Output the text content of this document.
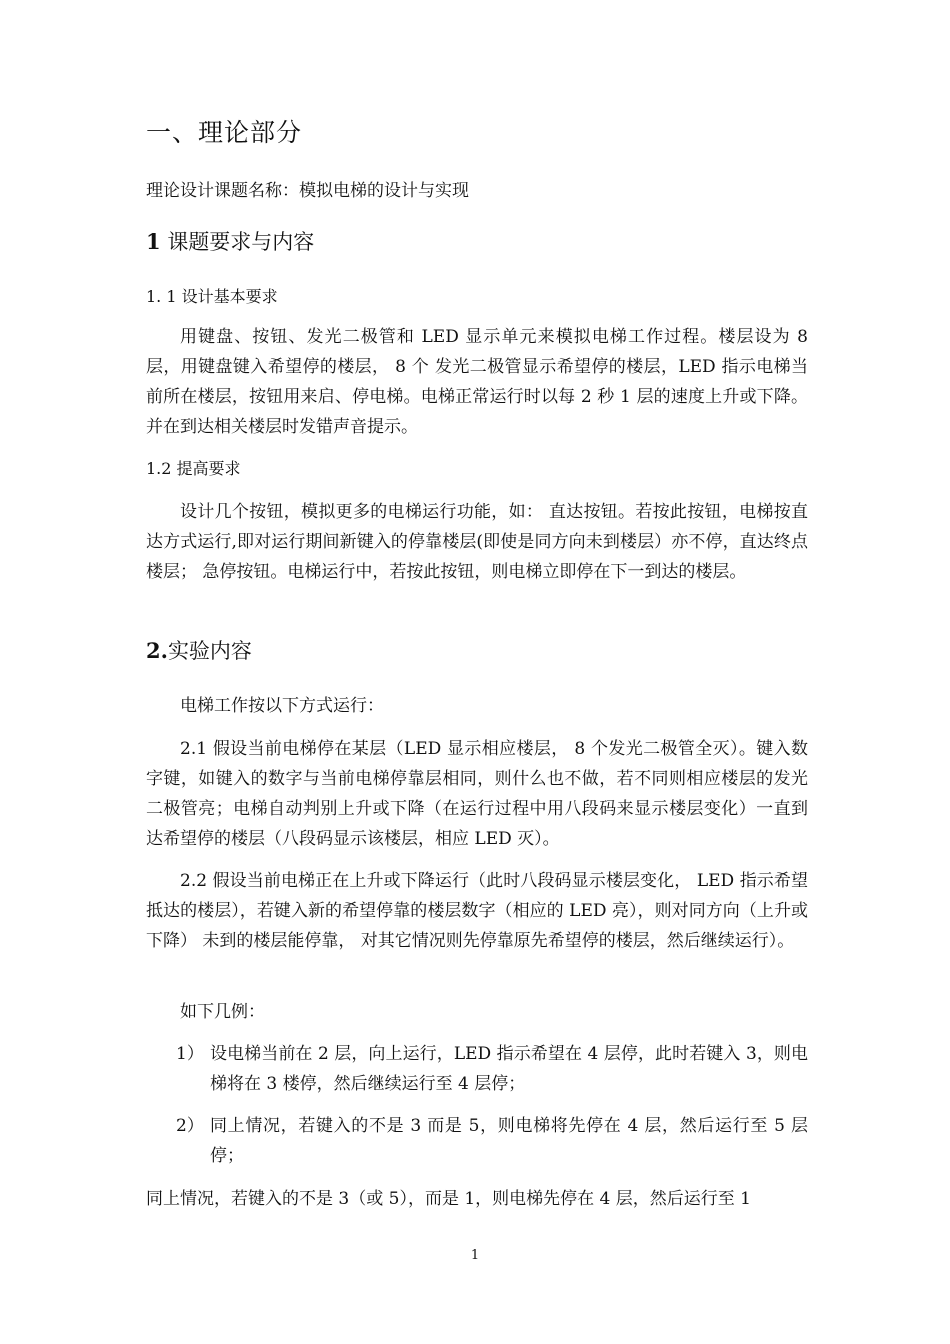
一、理论部分

理论设计课题名称：模拟电梯的设计与实现

1 课题要求与内容

1. 1 设计基本要求

用键盘、按钮、发光二极管和 LED 显示单元来模拟电梯工作过程。楼层设为 8 层，用键盘键入希望停的楼层， 8 个 发光二极管显示希望停的楼层，LED 指示电梯当前所在楼层，按钮用来启、停电梯。电梯正常运行时以每 2 秒 1 层的速度上升或下降。 并在到达相关楼层时发错声音提示。

1.2 提高要求

设计几个按钮，模拟更多的电梯运行功能，如： 直达按钮。若按此按钮，电梯按直达方式运行,即对运行期间新键入的停靠楼层(即使是同方向未到楼层）亦不停，直达终点楼层； 急停按钮。电梯运行中，若按此按钮，则电梯立即停在下一到达的楼层。

2.实验内容

电梯工作按以下方式运行：

2.1 假设当前电梯停在某层（LED 显示相应楼层， 8 个发光二极管全灭）。键入数字键，如键入的数字与当前电梯停靠层相同，则什么也不做，若不同则相应楼层的发光二极管亮；电梯自动判别上升或下降（在运行过程中用八段码来显示楼层变化）一直到达希望停的楼层（八段码显示该楼层，相应 LED 灭）。

2.2 假设当前电梯正在上升或下降运行（此时八段码显示楼层变化， LED 指示希望抵达的楼层），若键入新的希望停靠的楼层数字（相应的 LED 亮），则对同方向（上升或下降） 未到的楼层能停靠， 对其它情况则先停靠原先希望停的楼层，然后继续运行）。

如下几例：

1） 设电梯当前在 2 层，向上运行，LED 指示希望在 4 层停，此时若键入 3，则电梯将在 3 楼停，然后继续运行至 4 层停；
2） 同上情况，若键入的不是 3 而是 5，则电梯将先停在 4 层，然后运行至 5 层停；

同上情况，若键入的不是 3（或 5），而是 1，则电梯先停在 4 层，然后运行至 1

1
